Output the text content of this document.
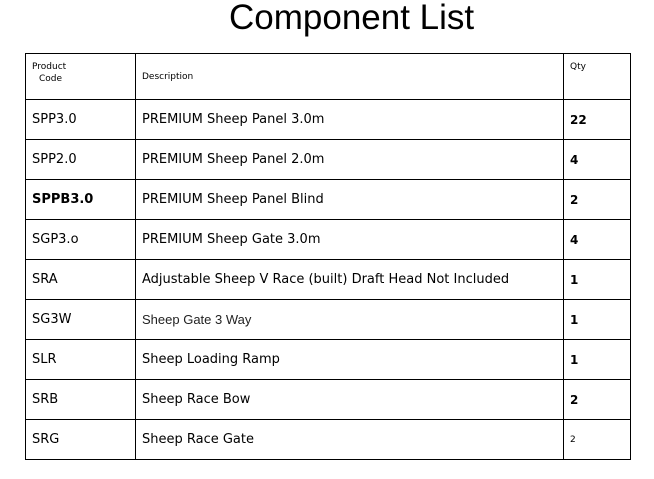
Component List
Product
Code	Description	Qty
SPP3.0	PREMIUM Sheep Panel 3.0m	22
SPP2.0	PREMIUM Sheep Panel 2.0m	4
SPPB3.0	PREMIUM Sheep Panel Blind	2
SGP3.o	PREMIUM Sheep Gate 3.0m	4
SRA	Adjustable Sheep V Race (built) Draft Head Not Included	1
SG3W	Sheep Gate 3 Way	1
SLR	Sheep Loading Ramp	1
SRB	Sheep Race Bow	2
SRG	Sheep Race Gate	2
